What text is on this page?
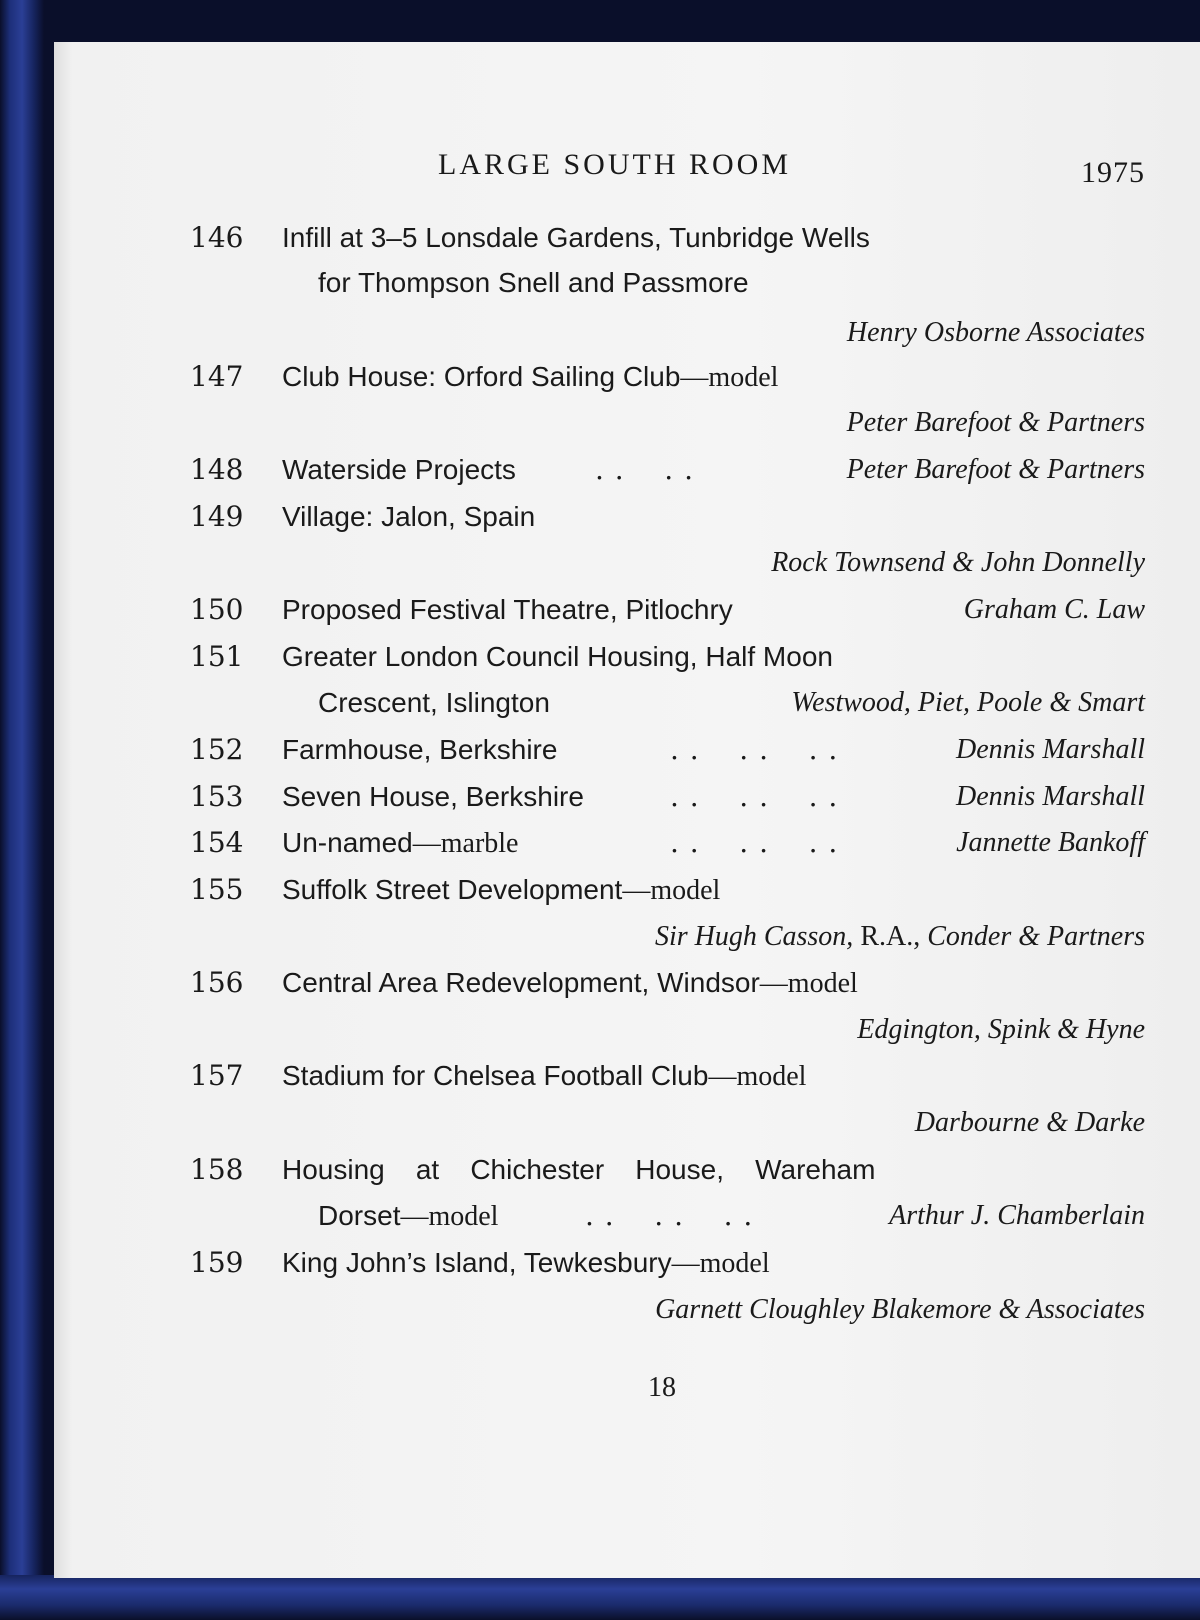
LARGE SOUTH ROOM	1975
146 Infill at 3–5 Lonsdale Gardens, Tunbridge Wells
for Thompson Snell and Passmore
Henry Osborne Associates
147 Club House: Orford Sailing Club—model
Peter Barefoot & Partners
148 Waterside Projects	. .    . .	Peter Barefoot & Partners
149 Village: Jalon, Spain
Rock Townsend & John Donnelly
150 Proposed Festival Theatre, Pitlochry	Graham C. Law
151 Greater London Council Housing, Half Moon
Crescent, Islington	Westwood, Piet, Poole & Smart
152 Farmhouse, Berkshire	. .    . .    . .	Dennis Marshall
153 Seven House, Berkshire	. .    . .    . .	Dennis Marshall
154 Un-named—marble	. .    . .    . .	Jannette Bankoff
155 Suffolk Street Development—model
Sir Hugh Casson, R.A., Conder & Partners
156 Central Area Redevelopment, Windsor—model
Edgington, Spink & Hyne
157 Stadium for Chelsea Football Club—model
Darbourne & Darke
158 Housing    at    Chichester    House,    Wareham
Dorset—model	. .    . .    . .	Arthur J. Chamberlain
159 King John’s Island, Tewkesbury—model
Garnett Cloughley Blakemore & Associates
18
